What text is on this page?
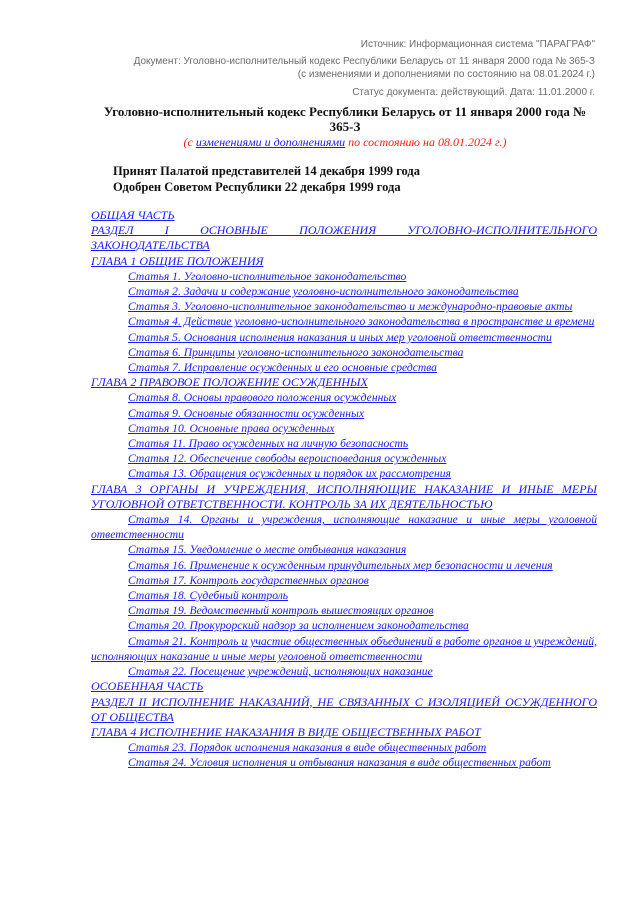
Источник: Информационная система "ПАРАГРАФ"
Документ: Уголовно-исполнительный кодекс Республики Беларусь от 11 января 2000 года № 365-З
(с изменениями и дополнениями по состоянию на 08.01.2024 г.)
Статус документа: действующий. Дата: 11.01.2000 г.
Уголовно-исполнительный кодекс Республики Беларусь от 11 января 2000 года №
365-З
(с изменениями и дополнениями по состоянию на 08.01.2024 г.)
Принят Палатой представителей 14 декабря 1999 года
Одобрен Советом Республики 22 декабря 1999 года
ОБЩАЯ ЧАСТЬ
РАЗДЕЛ I ОСНОВНЫЕ ПОЛОЖЕНИЯ УГОЛОВНО-ИСПОЛНИТЕЛЬНОГО ЗАКОНОДАТЕЛЬСТВА
ГЛАВА 1 ОБЩИЕ ПОЛОЖЕНИЯ
Статья 1. Уголовно-исполнительное законодательство
Статья 2. Задачи и содержание уголовно-исполнительного законодательства
Статья 3. Уголовно-исполнительное законодательство и международно-правовые акты
Статья 4. Действие уголовно-исполнительного законодательства в пространстве и времени
Статья 5. Основания исполнения наказания и иных мер уголовной ответственности
Статья 6. Принципы уголовно-исполнительного законодательства
Статья 7. Исправление осужденных и его основные средства
ГЛАВА 2 ПРАВОВОЕ ПОЛОЖЕНИЕ ОСУЖДЕННЫХ
Статья 8. Основы правового положения осужденных
Статья 9. Основные обязанности осужденных
Статья 10. Основные права осужденных
Статья 11. Право осужденных на личную безопасность
Статья 12. Обеспечение свободы вероисповедания осужденных
Статья 13. Обращения осужденных и порядок их рассмотрения
ГЛАВА 3 ОРГАНЫ И УЧРЕЖДЕНИЯ, ИСПОЛНЯЮЩИЕ НАКАЗАНИЕ И ИНЫЕ МЕРЫ УГОЛОВНОЙ ОТВЕТСТВЕННОСТИ. КОНТРОЛЬ ЗА ИХ ДЕЯТЕЛЬНОСТЬЮ
Статья 14. Органы и учреждения, исполняющие наказание и иные меры уголовной ответственности
Статья 15. Уведомление о месте отбывания наказания
Статья 16. Применение к осужденным принудительных мер безопасности и лечения
Статья 17. Контроль государственных органов
Статья 18. Судебный контроль
Статья 19. Ведомственный контроль вышестоящих органов
Статья 20. Прокурорский надзор за исполнением законодательства
Статья 21. Контроль и участие общественных объединений в работе органов и учреждений, исполняющих наказание и иные меры уголовной ответственности
Статья 22. Посещение учреждений, исполняющих наказание
ОСОБЕННАЯ ЧАСТЬ
РАЗДЕЛ II ИСПОЛНЕНИЕ НАКАЗАНИЙ, НЕ СВЯЗАННЫХ С ИЗОЛЯЦИЕЙ ОСУЖДЕННОГО ОТ ОБЩЕСТВА
ГЛАВА 4 ИСПОЛНЕНИЕ НАКАЗАНИЯ В ВИДЕ ОБЩЕСТВЕННЫХ РАБОТ
Статья 23. Порядок исполнения наказания в виде общественных работ
Статья 24. Условия исполнения и отбывания наказания в виде общественных работ
